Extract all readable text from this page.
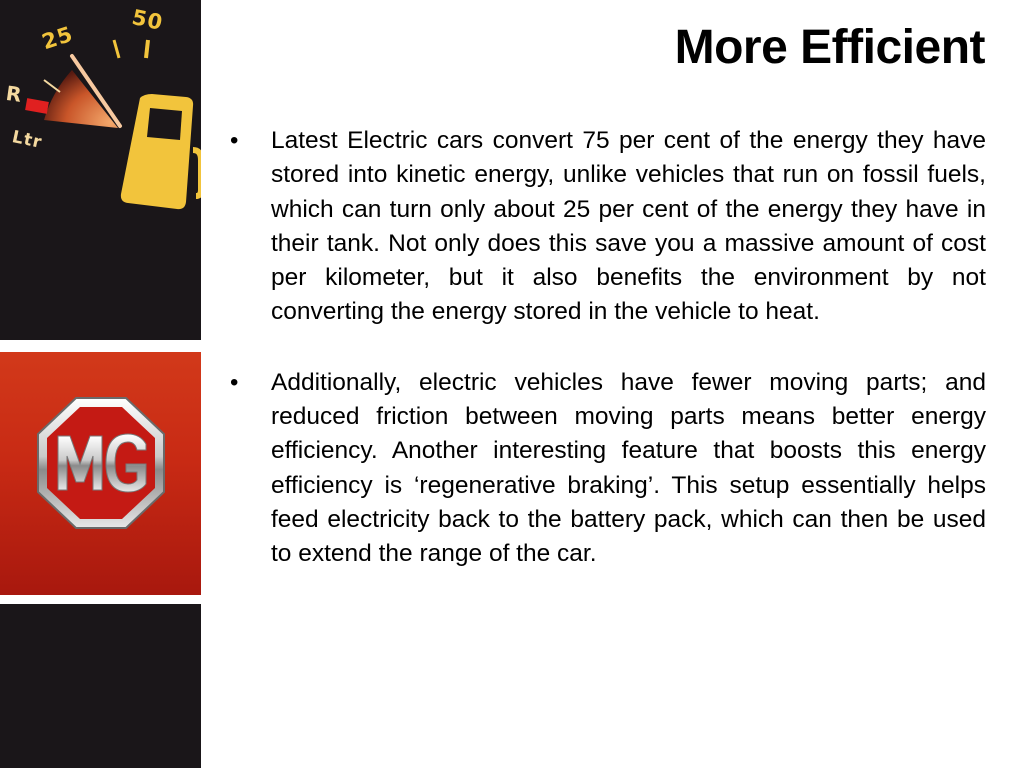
25
50
R
Ltr
More Efficient

• Latest Electric cars convert 75 per cent of the energy they have stored into kinetic energy, unlike vehicles that run on fossil fuels, which can turn only about 25 per cent of the energy they have in their tank. Not only does this save you a massive amount of cost per kilometer, but it also benefits the environment by not converting the energy stored in the vehicle to heat.

• Additionally, electric vehicles have fewer moving parts; and reduced friction between moving parts means better energy efficiency. Another interesting feature that boosts this energy efficiency is ‘regenerative braking’. This setup essentially helps feed electricity back to the battery pack, which can then be used to extend the range of the car.
